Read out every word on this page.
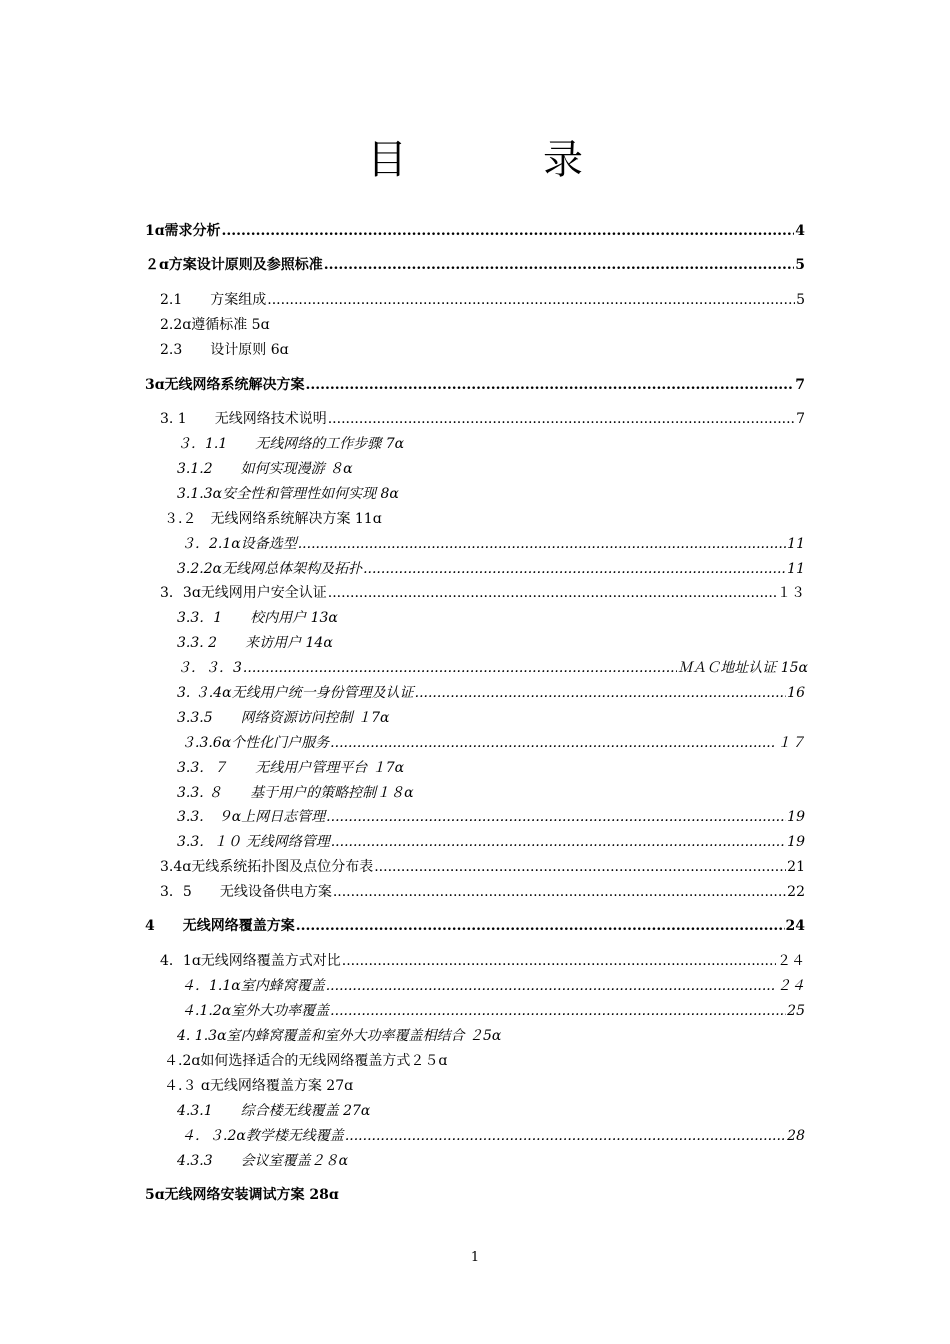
目　录
1ɑ需求分析 .....	4
２ɑ方案设计原则及参照标准 .....	5
2.1　　方案组成 .....	5
2.2ɑ遵循标准 5ɑ
2.3　　设计原则 6ɑ
3ɑ无线网络系统解决方案 .....	7
3. 1　　无线网络技术说明 .....	7
３．1.1　　无线网络的工作步骤 7ɑ
3.1.2　　如何实现漫游 ８ɑ
3.1.3ɑ安全性和管理性如何实现 8ɑ
３.２　无线网络系统解决方案 11ɑ
３．2.1ɑ设备选型 .....	11
3.2.2ɑ无线网总体架构及拓扑 .....	11
3．3ɑ无线网用户安全认证 .....	１３
3.3．1　　校内用户 13ɑ
3.3. 2　　来访用户 14ɑ
３．３．3 .....	ＭＡＣ地址认证 15ɑ
3. ３.4ɑ无线用户统一身份管理及认证 .....	16
3.3.5　　网络资源访问控制 １7ɑ
３.3.6ɑ个性化门户服务 .....	１７
3.3．７　　无线用户管理平台 １7ɑ
3.3. ８　　基于用户的策略控制１８ɑ
3.3.　９ɑ上网日志管理 .....	19
3.3．１０ 无线网络管理 .....	19
3.4ɑ无线系统拓扑图及点位分布表 .....	21
3．5　　无线设备供电方案 .....	22
4　　无线网络覆盖方案 .....	24
4．1ɑ无线网络覆盖方式对比 .....	２４
４．1.1ɑ室内蜂窝覆盖 .....	２４
４.1.2ɑ室外大功率覆盖 .....	25
4. 1.3ɑ室内蜂窝覆盖和室外大功率覆盖相结合 ２5ɑ
４.2ɑ如何选择适合的无线网络覆盖方式２５ɑ
４.３ ɑ无线网络覆盖方案 27ɑ
4.3.1　　综合楼无线覆盖 27ɑ
４．３.2ɑ教学楼无线覆盖 .....	28
4.3.3　　会议室覆盖２８ɑ
5ɑ无线网络安装调试方案 28ɑ
1
